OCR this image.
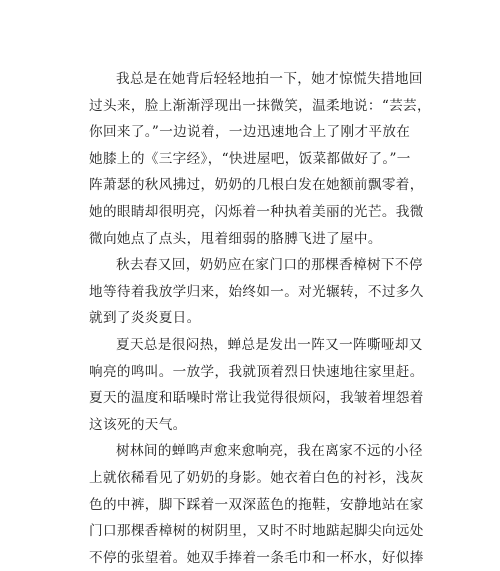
我总是在她背后轻轻地拍一下，她才惊慌失措地回
过头来，脸上渐渐浮现出一抹微笑，温柔地说：“芸芸，
你回来了。”一边说着，一边迅速地合上了刚才平放在
她膝上的《三字经》，“快进屋吧，饭菜都做好了。”一
阵萧瑟的秋风拂过，奶奶的几根白发在她额前飘零着，
她的眼睛却很明亮，闪烁着一种执着美丽的光芒。我微
微向她点了点头，甩着细弱的胳膊飞进了屋中。
秋去春又回，奶奶应在家门口的那棵香樟树下不停
地等待着我放学归来，始终如一。对光辗转，不过多久
就到了炎炎夏日。
夏天总是很闷热，蝉总是发出一阵又一阵嘶哑却又
响亮的鸣叫。一放学，我就顶着烈日快速地往家里赶。
夏天的温度和聒噪时常让我觉得很烦闷，我皱着埋怨着
这该死的天气。
树林间的蝉鸣声愈来愈响亮，我在离家不远的小径
上就依稀看见了奶奶的身影。她衣着白色的衬衫，浅灰
色的中裤，脚下踩着一双深蓝色的拖鞋，安静地站在家
门口那棵香樟树的树阴里，又时不时地踮起脚尖向远处
不停的张望着。她双手捧着一条毛巾和一杯水，好似捧
